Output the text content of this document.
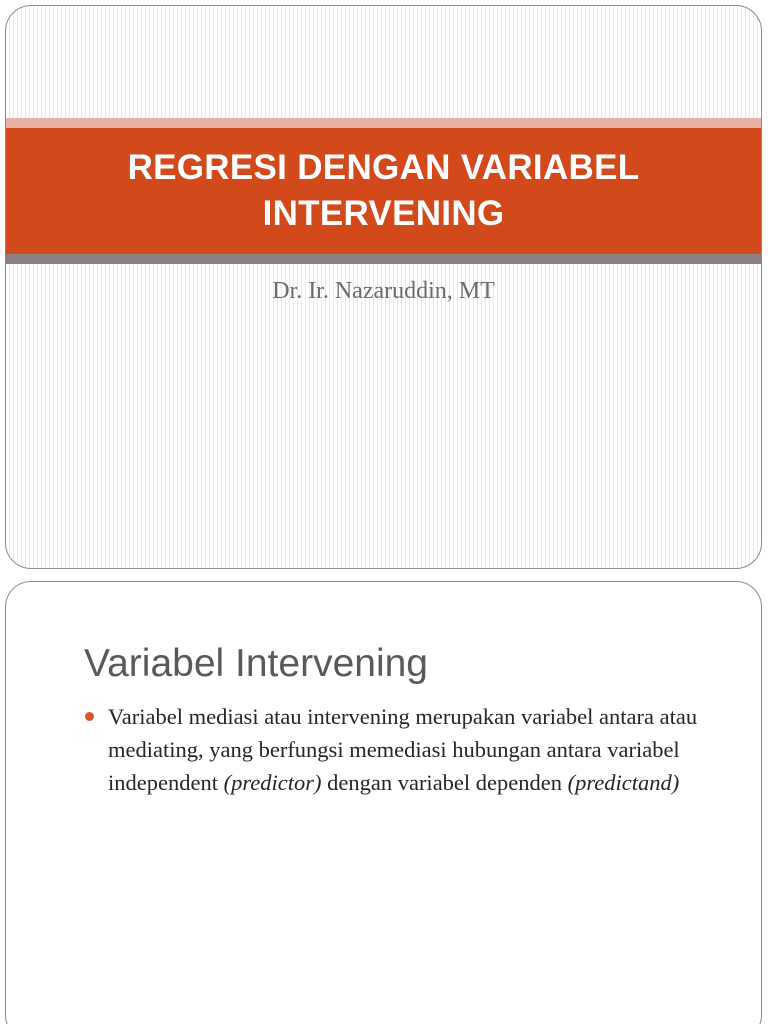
REGRESI DENGAN VARIABEL INTERVENING

Dr. Ir. Nazaruddin, MT

Variabel Intervening
Variabel mediasi atau intervening merupakan variabel antara atau mediating, yang berfungsi memediasi hubungan antara variabel independent (predictor) dengan variabel dependen (predictand)
